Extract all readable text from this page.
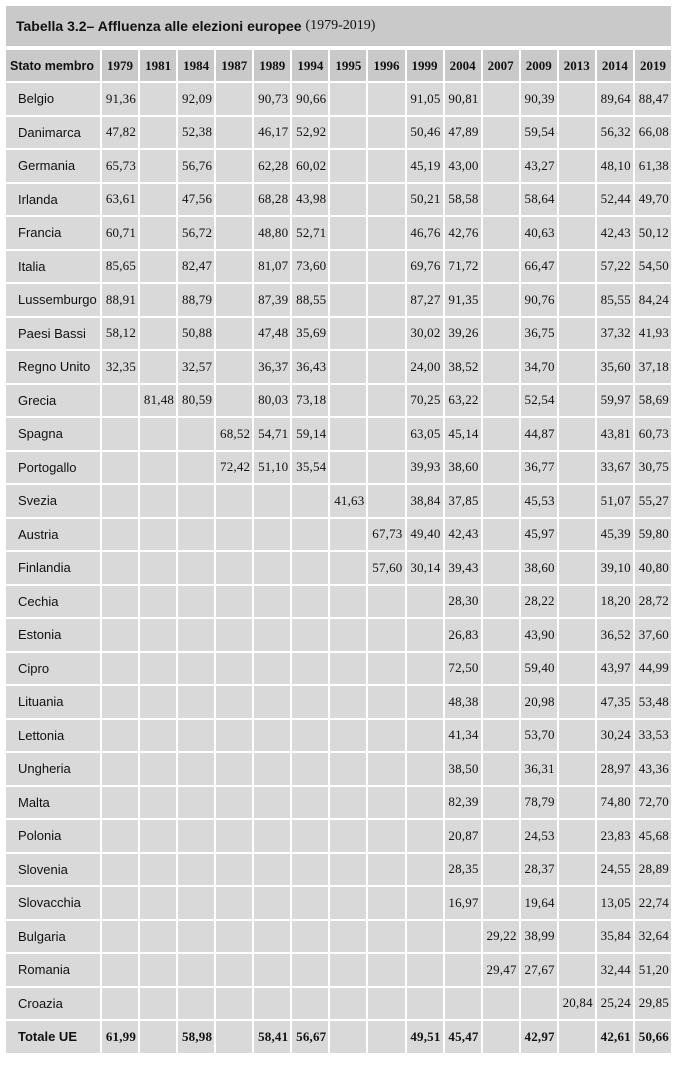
Tabella 3.2– Affluenza alle elezioni europee
(1979-2019)
Stato membro	1979	1981	1984	1987	1989	1994	1995	1996	1999	2004	2007	2009	2013	2014	2019
Belgio	91,36		92,09		90,73	90,66			91,05	90,81		90,39		89,64	88,47
Danimarca	47,82		52,38		46,17	52,92			50,46	47,89		59,54		56,32	66,08
Germania	65,73		56,76		62,28	60,02			45,19	43,00		43,27		48,10	61,38
Irlanda	63,61		47,56		68,28	43,98			50,21	58,58		58,64		52,44	49,70
Francia	60,71		56,72		48,80	52,71			46,76	42,76		40,63		42,43	50,12
Italia	85,65		82,47		81,07	73,60			69,76	71,72		66,47		57,22	54,50
Lussemburgo	88,91		88,79		87,39	88,55			87,27	91,35		90,76		85,55	84,24
Paesi Bassi	58,12		50,88		47,48	35,69			30,02	39,26		36,75		37,32	41,93
Regno Unito	32,35		32,57		36,37	36,43			24,00	38,52		34,70		35,60	37,18
Grecia		81,48	80,59		80,03	73,18			70,25	63,22		52,54		59,97	58,69
Spagna				68,52	54,71	59,14			63,05	45,14		44,87		43,81	60,73
Portogallo				72,42	51,10	35,54			39,93	38,60		36,77		33,67	30,75
Svezia							41,63		38,84	37,85		45,53		51,07	55,27
Austria								67,73	49,40	42,43		45,97		45,39	59,80
Finlandia								57,60	30,14	39,43		38,60		39,10	40,80
Cechia										28,30		28,22		18,20	28,72
Estonia										26,83		43,90		36,52	37,60
Cipro										72,50		59,40		43,97	44,99
Lituania										48,38		20,98		47,35	53,48
Lettonia										41,34		53,70		30,24	33,53
Ungheria										38,50		36,31		28,97	43,36
Malta										82,39		78,79		74,80	72,70
Polonia										20,87		24,53		23,83	45,68
Slovenia										28,35		28,37		24,55	28,89
Slovacchia										16,97		19,64		13,05	22,74
Bulgaria											29,22	38,99		35,84	32,64
Romania											29,47	27,67		32,44	51,20
Croazia													20,84	25,24	29,85
Totale UE	61,99		58,98		58,41	56,67			49,51	45,47		42,97		42,61	50,66
